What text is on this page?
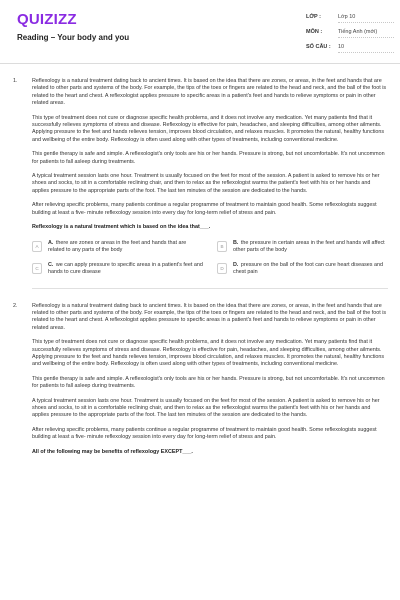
QUIZIZZ
Reading – Your body and you
LỚP :	Lớp 10
MÔN :	Tiếng Anh (mới)
SỐ CÂU : 10
1.	Reflexology is a natural treatment dating back to ancient times. It is based on the idea that there are zones, or areas, in the feet and hands that are related to other parts and systems of the body. For example, the tips of the toes or fingers are related to the head and neck, and the ball of the foot is related to the heart and chest. A reflexologist applies pressure to specific areas in a patient's feet and hands to relieve symptoms or pain in other related areas.

This type of treatment does not cure or diagnose specific health problems, and it does not involve any medication. Yet many patients find that it successfully relieves symptoms of stress and disease. Reflexology is effective for pain, headaches, and sleeping difficulties, among other ailments. Applying pressure to the feet and hands relieves tension, improves blood circulation, and relaxes muscles. It promotes the natural, healthy functions and wellbeing of the entire body. Reflexology is often used along with other types of treatments, including conventional medicine.

This gentle therapy is safe and simple. A reflexologist's only tools are his or her hands. Pressure is strong, but not uncomfortable. It's not uncommon for patients to fall asleep during treatments.

A typical treatment session lasts one hour. Treatment is usually focused on the feet for most of the session. A patient is asked to remove his or her shoes and socks, to sit in a comfortable reclining chair, and then to relax as the reflexologist warms the patient's feet with his or her hands and applies pressure to the appropriate parts of the foot. The last ten minutes of the session are dedicated to the hands.

After relieving specific problems, many patients continue a regular programme of treatment to maintain good health. Some reflexologists suggest building at least a five- minute reflexology session into every day for long-term relief of stress and pain.

Reflexology is a natural treatment which is based on the idea that___.

A
A. there are zones or areas in the feet and hands that are related to any parts of the body
B
B. the pressure in certain areas in the feet and hands will affect other parts of the body
C
C. we can apply pressure to specific areas in a patient's feet and hands to cure disease
D
D. pressure on the ball of the foot can cure heart diseases and chest pain
2.	Reflexology is a natural treatment dating back to ancient times. It is based on the idea that there are zones, or areas, in the feet and hands that are related to other parts and systems of the body. For example, the tips of the toes or fingers are related to the head and neck, and the ball of the foot is related to the heart and chest. A reflexologist applies pressure to specific areas in a patient's feet and hands to relieve symptoms or pain in other related areas.

This type of treatment does not cure or diagnose specific health problems, and it does not involve any medication. Yet many patients find that it successfully relieves symptoms of stress and disease. Reflexology is effective for pain, headaches, and sleeping difficulties, among other ailments. Applying pressure to the feet and hands relieves tension, improves blood circulation, and relaxes muscles. It promotes the natural, healthy functions and wellbeing of the entire body. Reflexology is often used along with other types of treatments, including conventional medicine.

This gentle therapy is safe and simple. A reflexologist's only tools are his or her hands. Pressure is strong, but not uncomfortable. It's not uncommon for patients to fall asleep during treatments.

A typical treatment session lasts one hour. Treatment is usually focused on the feet for most of the session. A patient is asked to remove his or her shoes and socks, to sit in a comfortable reclining chair, and then to relax as the reflexologist warms the patient's feet with his or her hands and applies pressure to the appropriate parts of the foot. The last ten minutes of the session are dedicated to the hands.

After relieving specific problems, many patients continue a regular programme of treatment to maintain good health. Some reflexologists suggest building at least a five- minute reflexology session into every day for long-term relief of stress and pain.

All of the following may be benefits of reflexology EXCEPT___.
